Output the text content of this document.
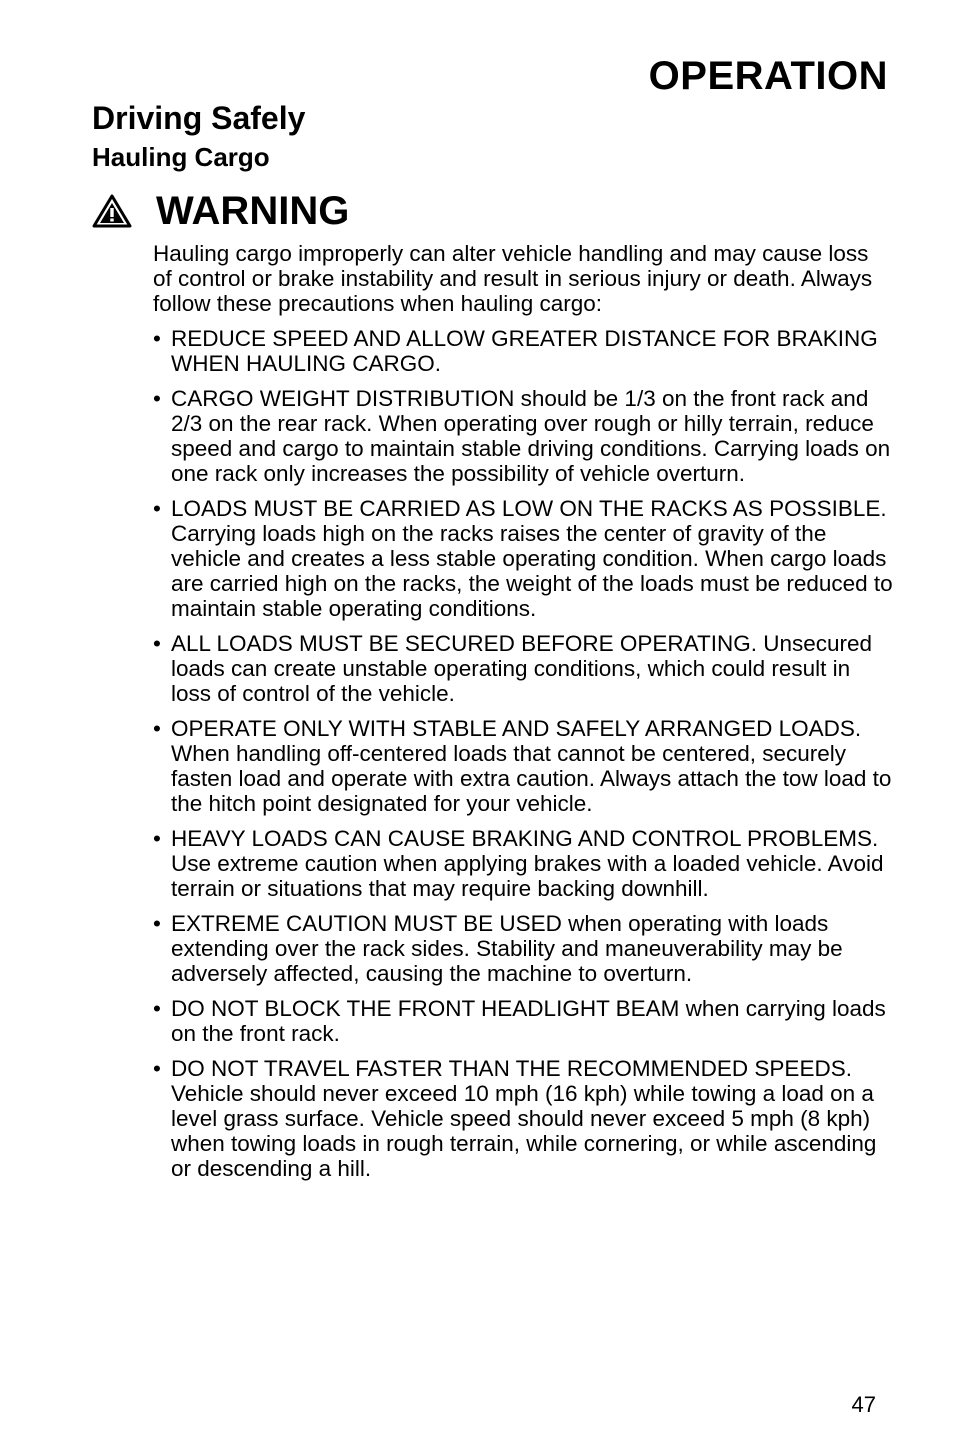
OPERATION
Driving Safely
Hauling Cargo
WARNING

Hauling cargo improperly can alter vehicle handling and may cause loss of control or brake instability and result in serious injury or death. Always follow these precautions when hauling cargo:

• REDUCE SPEED AND ALLOW GREATER DISTANCE FOR BRAKING WHEN HAULING CARGO.
• CARGO WEIGHT DISTRIBUTION should be 1/3 on the front rack and 2/3 on the rear rack. When operating over rough or hilly terrain, reduce speed and cargo to maintain stable driving conditions. Carrying loads on one rack only increases the possibility of vehicle overturn.
• LOADS MUST BE CARRIED AS LOW ON THE RACKS AS POSSIBLE. Carrying loads high on the racks raises the center of gravity of the vehicle and creates a less stable operating condition. When cargo loads are carried high on the racks, the weight of the loads must be reduced to maintain stable operating conditions.
• ALL LOADS MUST BE SECURED BEFORE OPERATING. Unsecured loads can create unstable operating conditions, which could result in loss of control of the vehicle.
• OPERATE ONLY WITH STABLE AND SAFELY ARRANGED LOADS. When handling off-centered loads that cannot be centered, securely fasten load and operate with extra caution. Always attach the tow load to the hitch point designated for your vehicle.
• HEAVY LOADS CAN CAUSE BRAKING AND CONTROL PROBLEMS. Use extreme caution when applying brakes with a loaded vehicle. Avoid terrain or situations that may require backing downhill.
• EXTREME CAUTION MUST BE USED when operating with loads extending over the rack sides. Stability and maneuverability may be adversely affected, causing the machine to overturn.
• DO NOT BLOCK THE FRONT HEADLIGHT BEAM when carrying loads on the front rack.
• DO NOT TRAVEL FASTER THAN THE RECOMMENDED SPEEDS. Vehicle should never exceed 10 mph (16 kph) while towing a load on a level grass surface. Vehicle speed should never exceed 5 mph (8 kph) when towing loads in rough terrain, while cornering, or while ascending or descending a hill.
47
